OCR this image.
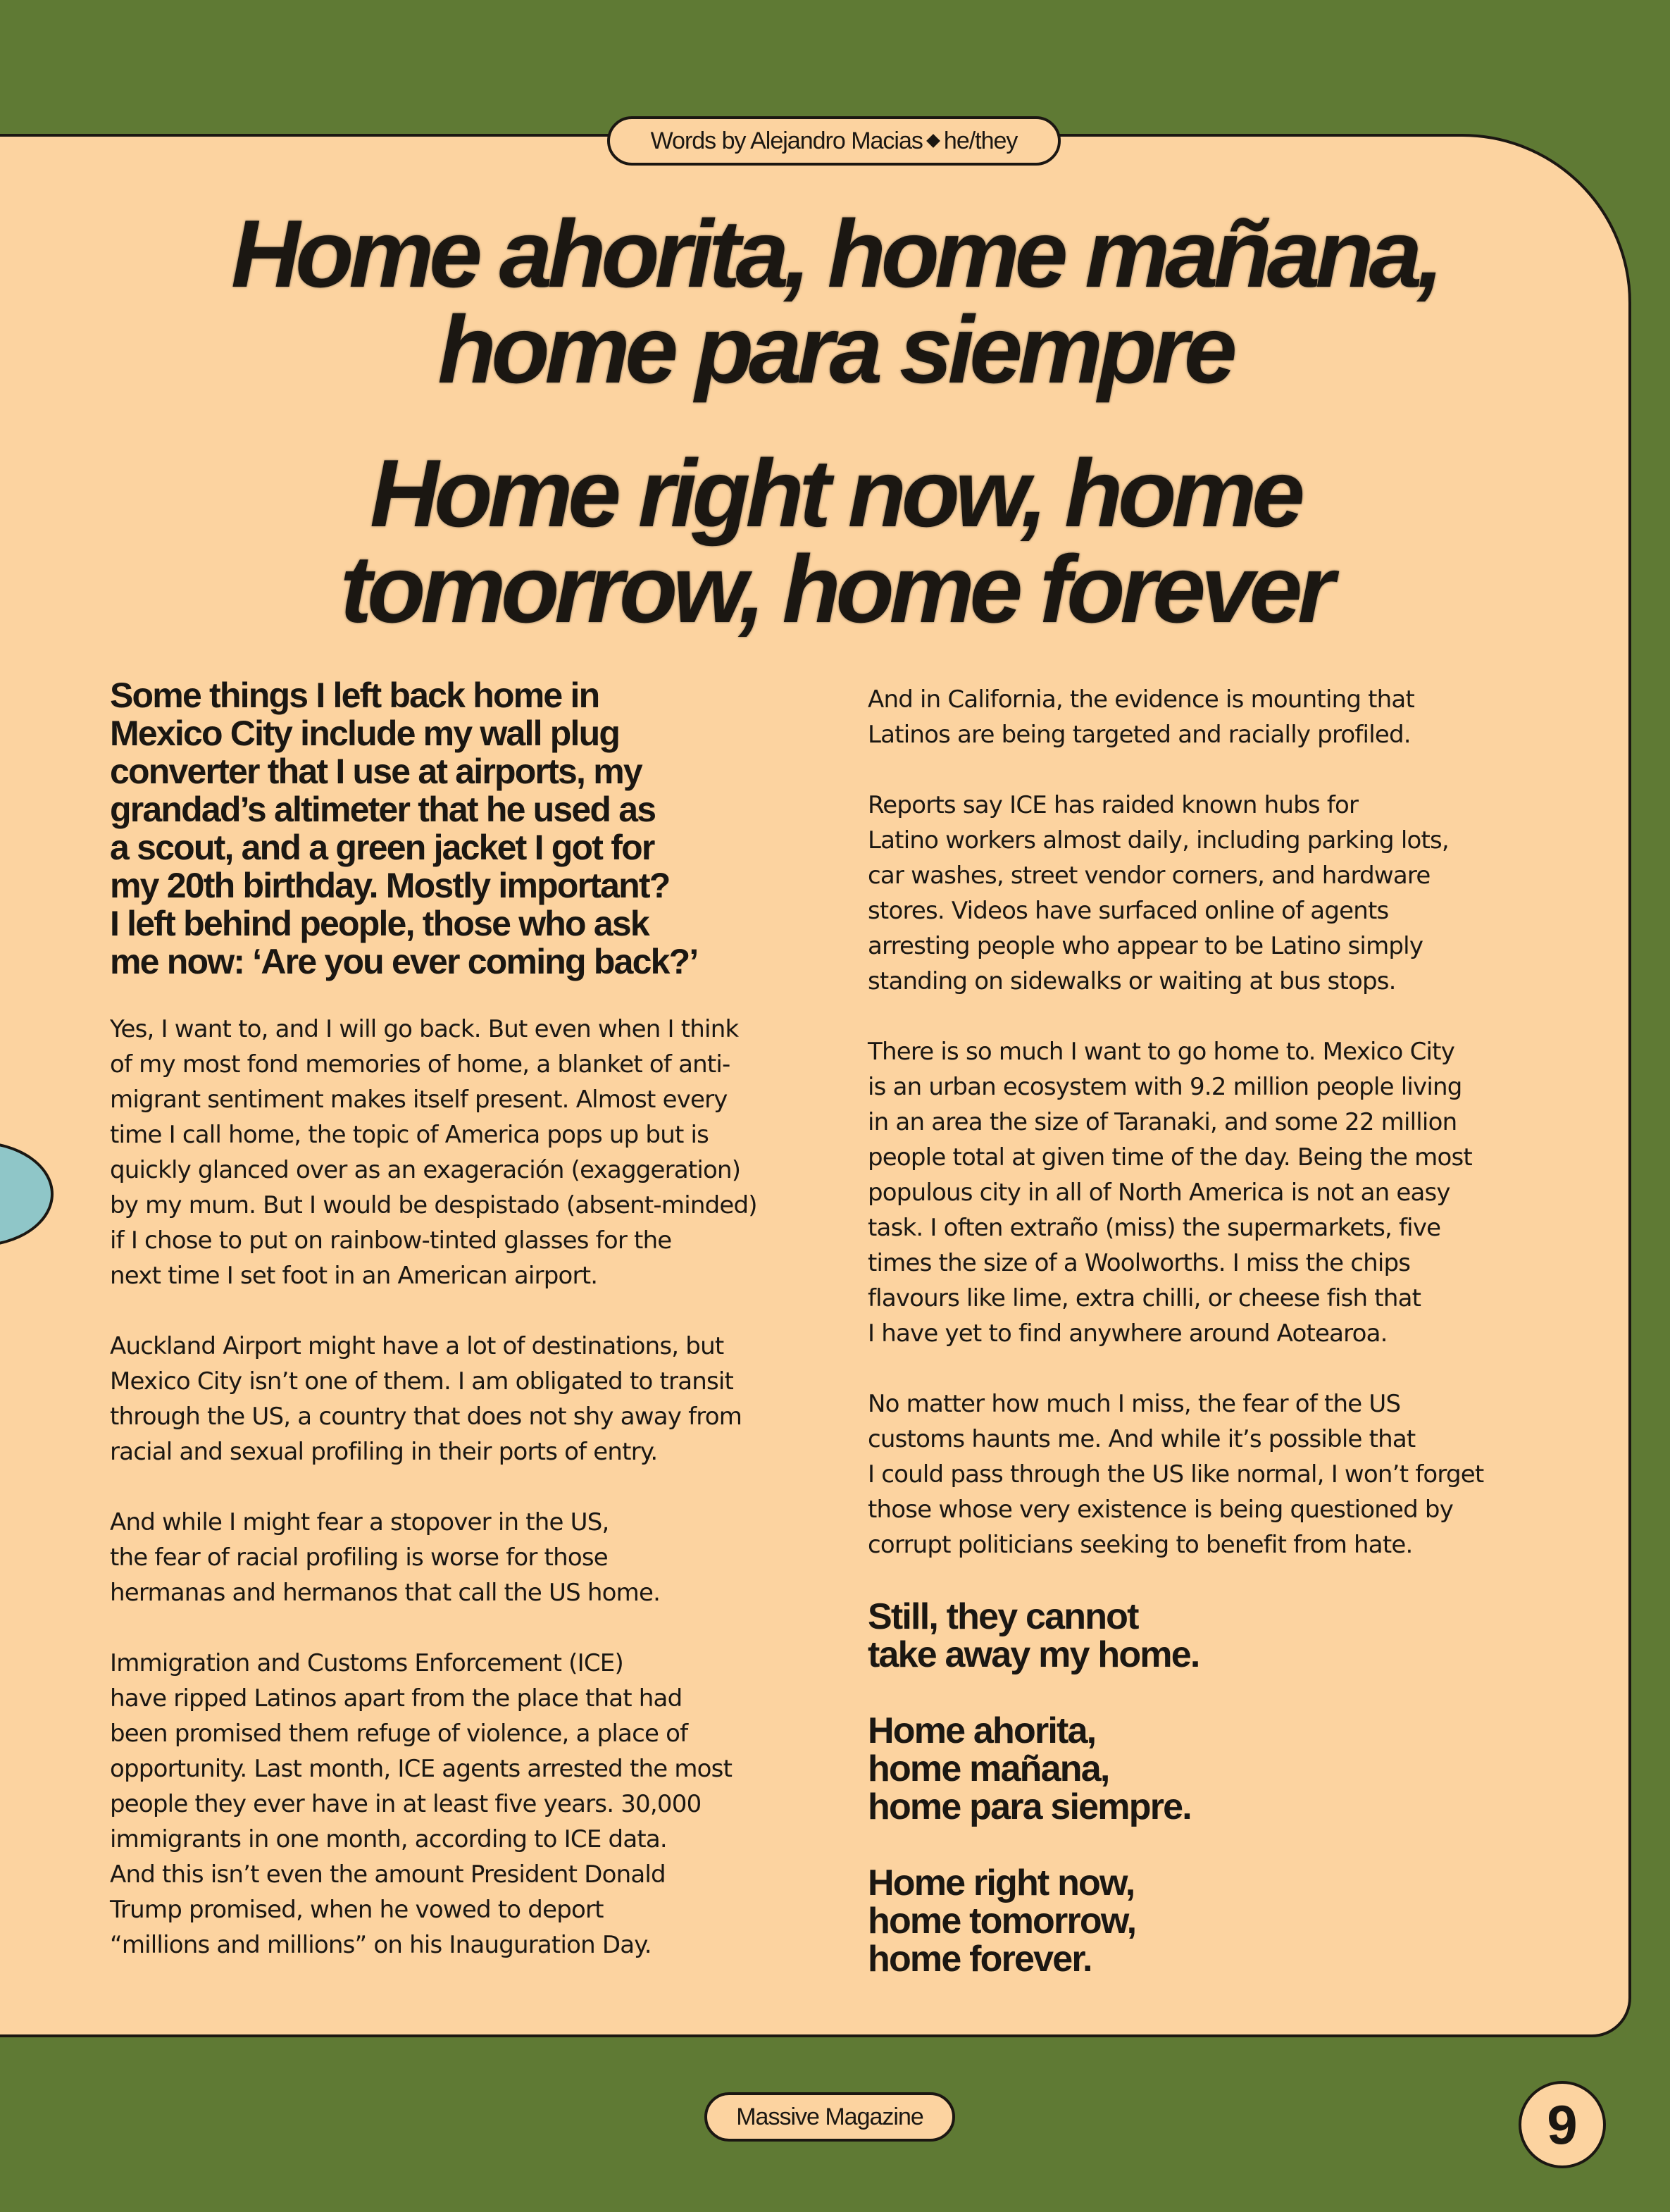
Words by Alejandro Macias he/they
Home ahorita, home mañana,
home para siempre
Home right now, home
tomorrow, home forever
Some things I left back home in
Mexico City include my wall plug
converter that I use at airports, my
grandad’s altimeter that he used as
a scout, and a green jacket I got for
my 20th birthday. Mostly important?
I left behind people, those who ask
me now: ‘Are you ever coming back?’
Yes, I want to, and I will go back. But even when I think
of my most fond memories of home, a blanket of anti-
migrant sentiment makes itself present. Almost every
time I call home, the topic of America pops up but is
quickly glanced over as an exageración (exaggeration)
by my mum. But I would be despistado (absent-minded)
if I chose to put on rainbow-tinted glasses for the
next time I set foot in an American airport.
Auckland Airport might have a lot of destinations, but
Mexico City isn’t one of them. I am obligated to transit
through the US, a country that does not shy away from
racial and sexual profiling in their ports of entry.
And while I might fear a stopover in the US,
the fear of racial profiling is worse for those
hermanas and hermanos that call the US home.
Immigration and Customs Enforcement (ICE)
have ripped Latinos apart from the place that had
been promised them refuge of violence, a place of
opportunity. Last month, ICE agents arrested the most
people they ever have in at least five years. 30,000
immigrants in one month, according to ICE data.
And this isn’t even the amount President Donald
Trump promised, when he vowed to deport
“millions and millions” on his Inauguration Day.
And in California, the evidence is mounting that
Latinos are being targeted and racially profiled.
Reports say ICE has raided known hubs for
Latino workers almost daily, including parking lots,
car washes, street vendor corners, and hardware
stores. Videos have surfaced online of agents
arresting people who appear to be Latino simply
standing on sidewalks or waiting at bus stops.
There is so much I want to go home to. Mexico City
is an urban ecosystem with 9.2 million people living
in an area the size of Taranaki, and some 22 million
people total at given time of the day. Being the most
populous city in all of North America is not an easy
task. I often extraño (miss) the supermarkets, five
times the size of a Woolworths. I miss the chips
flavours like lime, extra chilli, or cheese fish that
I have yet to find anywhere around Aotearoa.
No matter how much I miss, the fear of the US
customs haunts me. And while it’s possible that
I could pass through the US like normal, I won’t forget
those whose very existence is being questioned by
corrupt politicians seeking to benefit from hate.
Still, they cannot
take away my home.
Home ahorita,
home mañana,
home para siempre.
Home right now,
home tomorrow,
home forever.
Massive Magazine	9
